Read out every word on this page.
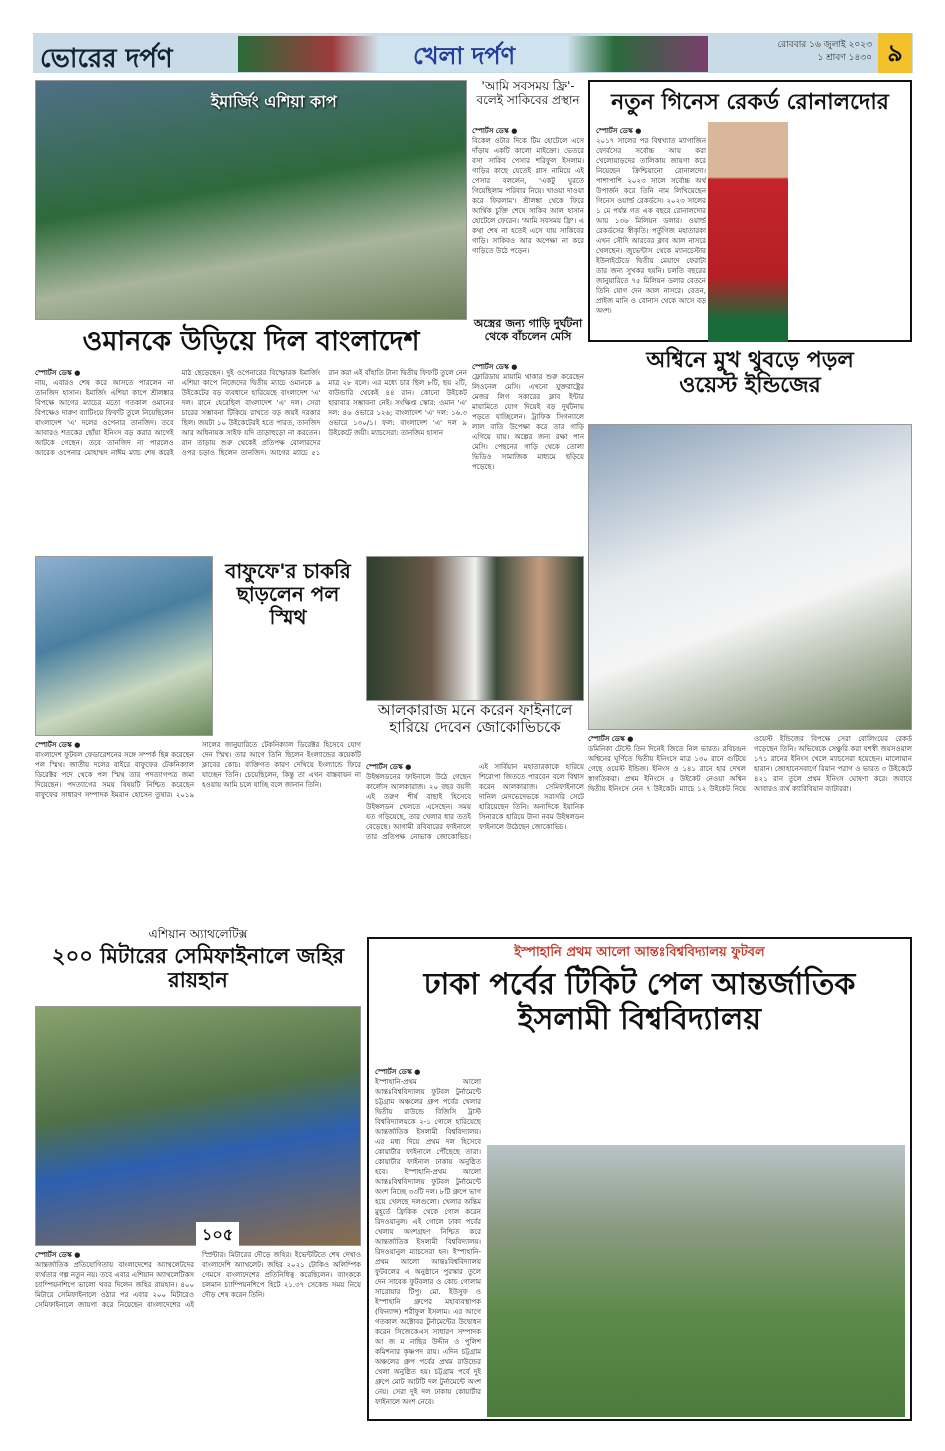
ভোরের দর্পণ	খেলা দর্পণ	রোববার ১৬ জুলাই ২০২৩
১ শ্রাবণ ১৪৩০ ৯
ইমার্জিং এশিয়া কাপ
ওমানকে উড়িয়ে দিল বাংলাদেশ
স্পোর্টস ডেস্ক ●
নায়, এবারও শেষ করে আসতে পারলেন না তানজিদ হাসান। ইমার্জিং এশিয়া কাপে শ্রীলঙ্কার বিপক্ষে আগের ম্যাচের মতো গতকাল ওমানের বিপক্ষেও দারুণ ব্যাটিংয়ে ফিফটি তুলে নিয়েছিলেন বাংলাদেশ 'এ' দলের ওপেনার তানজিদ। তবে আবারও শতকের ছোঁয়া ইনিংস বড় করার আগেই আটকে গেছেন। তবে তানজিদ না পারলেও আরেক ওপেনার মোহাম্মদ নাঈম ম্যাচ শেষ করেই মাঠ ছেড়েছেন। দুই ওপেনারের বিস্ফোরক ইমার্জিং এশিয়া কাপে নিজেদের দ্বিতীয় ম্যাচে ওমানকে ৯ উইকেটের বড় ব্যবধানে হারিয়েছে বাংলাদেশ 'এ' দল। রানে হেরেছিল বাংলাদেশ 'এ' দল। সেরা চারের সম্ভাবনা টিকিয়ে রাখতে বড় জয়ই দরকার ছিল। জয়টা ১০ উইকেটেরই হতে পারত, তানজিদ আর অধিনায়ক সাইফ যদি তাড়াহুড়ো না করতেন। রান তাড়ায় শুরু থেকেই প্রতিপক্ষ বোলারদের ওপর চড়াও ছিলেন তানজিদ। আগের ম্যাচে ৫১ রান করা এই বাঁহাতি টানা দ্বিতীয় ফিফটি তুলে নেন মাত্র ২৮ বলে। এর মধ্যে চার ছিল ৮টি, ছয় ২টি, বাউন্ডারি থেকেই ৪৪ রান। কোনো উইকেট হারাবার সম্ভাবনা নেই। সংক্ষিপ্ত স্কোর: ওমান 'এ' দল: ৪৬ ওভারে ১২৬; বাংলাদেশ 'এ' দল: ১৬.৩ ওভারে ১৩০/১। ফল: বাংলাদেশ 'এ' দল ৯ উইকেটে জয়ী। ম্যাচসেরা: তানজিম হাসান
'আমি সবসময় ফ্রি'-বলেই সাকিবের প্রস্থান
স্পোর্টস ডেস্ক ●
বিকেল ওটার দিকে টিম হোটেলে এসে দাঁড়ায় একটি কালো মাইক্রো। ভেতরে বসা সাকিব পেসার শরিফুল ইসলাম। গাড়ির কাছে যেতেই গ্লাস নামিয়ে এই পেসার বললেন, 'একটু ঘুরতে গিয়েছিলাম পরিবার নিয়ে। খাওয়া দাওয়া করে ফিরলাম'। শ্রীলঙ্কা থেকে ফিরে আর্থিক চুক্তি শেষে সাকিব আল হাসান হোটেলে ফেরেন। 'আমি সবসময় ফ্রি'। এ কথা শেষ না হতেই এসে যায় সাকিবের গাড়ি। সাকিবও আর অপেক্ষা না করে গাড়িতে উঠে পড়েন।
অস্ত্রের জন্য গাড়ি দুর্ঘটনা থেকে বাঁচলেন মেসি
স্পোর্টস ডেস্ক ●
ফ্লোরিডায় মায়ামি থাকার শুরু করেছেন লিওনেল মেসি। এখনো যুক্তরাষ্ট্রের মেজর লিগ সকারের ক্লাব ইন্টার মায়ামিতে যোগ দিয়েই বড় দুর্ঘটনায় পড়তে যাচ্ছিলেন। ট্রাফিক সিগন্যালে লাল বাতি উপেক্ষা করে তার গাড়ি এগিয়ে যায়। অল্পের জন্য রক্ষা পান মেসি। পেছনের গাড়ি থেকে তোলা ভিডিও সামাজিক মাধ্যমে ছড়িয়ে পড়েছে।
নতুন গিনেস রেকর্ড রোনালদোর
স্পোর্টস ডেস্ক ●
২০১৭ সালের পর বিশ্বখ্যাত ম্যাগাজিন ফোর্বসের সর্বোচ্চ আয় করা খেলোয়াড়দের তালিকায় জায়গা করে নিয়েছেন ক্রিশ্চিয়ানো রোনালদো। পাশাপাশি ২০২৩ সালে সর্বোচ্চ অর্থ উপার্জন করে তিনি নাম লিখিয়েছেন গিনেস ওয়ার্ল্ড রেকর্ডসে। ২০২৩ সালের ১ মে পর্যন্ত গত এক বছরে রোনালদোর আয় ১৩৬ মিলিয়ন ডলার। ওয়ার্ল্ড রেকর্ডসের স্বীকৃতি। পর্তুগিজ মহাতারকা এখন সৌদি আরবের ক্লাব আল নাসরে খেলছেন। জুভেন্টাস থেকে ম্যানচেস্টার ইউনাইটেডে দ্বিতীয় মেয়াদে ফেরাটা তার জন্য সুখকর হয়নি। চলতি বছরের জানুয়ারিতে ৭৫ মিলিয়ন ডলার বেতনে তিনি যোগ দেন আল নাসরে। বেতন, প্রাইজ মানি ও বোনাস থেকে আসে বড় অংশ।
অশ্বিনে মুখ থুবড়ে পড়ল
ওয়েস্ট ইন্ডিজের
স্পোর্টস ডেস্ক ●
ডমিনিকা টেস্টে তিন দিনেই জিতে নিল ভারত। রবিচন্দ্রন অশ্বিনের ঘূর্ণিতে দ্বিতীয় ইনিংসে মাত্র ১৩০ রানে গুটিয়ে গেছে ওয়েস্ট ইন্ডিজ। ইনিংস ও ১৪১ রানে হার দেখল স্বাগতিকরা। প্রথম ইনিংসে ৫ উইকেট নেওয়া অশ্বিন দ্বিতীয় ইনিংসে নেন ৭ উইকেট। ম্যাচে ১২ উইকেট নিয়ে ওয়েস্ট ইন্ডিজের বিপক্ষে সেরা বোলিংয়ের রেকর্ড গড়েছেন তিনি। অভিষেকে সেঞ্চুরি করা যশস্বী জয়সওয়াল ১৭১ রানের ইনিংস খেলে ম্যাচসেরা হয়েছেন। মালোয়ান হারান। জোহানেসবার্গে রিয়ান পরাগ ও ভারত ৩ উইকেটে ৪২১ রান তুলে প্রথম ইনিংস ঘোষণা করে। জবাবে আবারও ব্যর্থ ক্যারিবিয়ান ব্যাটাররা।
বাফুফে'র চাকরি ছাড়লেন পল স্মিথ
স্পোর্টস ডেস্ক ●
বাংলাদেশ ফুটবল ফেডারেশনের সঙ্গে সম্পর্ক ছিন্ন করেছেন পল স্মিথ। জাতীয় দলের বাইরে বাফুফের টেকনিক্যাল ডিরেক্টর পদে থেকে পল স্মিথ তার পদত্যাগপত্র জমা দিয়েছেন। পদত্যাগের সময় বিষয়টি নিশ্চিত করেছেন বাফুফের সাধারণ সম্পাদক ইমরান হোসেন তুষার। ২০১৯ সালের জানুয়ারিতে টেকনিক্যাল ডিরেক্টর হিসেবে যোগ দেন স্মিথ। তার আগে তিনি ছিলেন ইংল্যান্ডের কয়েকটি ক্লাবের কোচ। ব্যক্তিগত কারণ দেখিয়ে ইংল্যান্ডে ফিরে যাচ্ছেন তিনি। চেয়েছিলেন, কিন্তু তা এখন বাস্তবায়ন না হওয়ায় আমি চলে যাচ্ছি বলে জানান তিনি।
আলকারাজ মনে করেন ফাইনালে হারিয়ে দেবেন জোকোভিচকে
স্পোর্টস ডেস্ক ●
উইম্বলডনের ফাইনালে উঠে গেছেন কার্লোস আলকারাজ। ২০ বছর বয়সী এই তরুণ শীর্ষ বাছাই হিসেবে উইম্বলডন খেলতে এসেছেন। সময় যত গড়িয়েছে, তার খেলার ধার ততই বেড়েছে। আগামী রবিবারের ফাইনালে তার প্রতিপক্ষ নোভাক জোকোভিচ। এই সার্বিয়ান মহাতারকাকে হারিয়ে শিরোপা জিততে পারবেন বলে বিশ্বাস করেন আলকারাজ। সেমিফাইনালে দানিল মেদভেদেভকে সরাসরি সেটে হারিয়েছেন তিনি। অন্যদিকে ইয়ানিক সিনারকে হারিয়ে টানা নবম উইম্বলডন ফাইনালে উঠেছেন জোকোভিচ।
এশিয়ান অ্যাথলেটিক্স
২০০ মিটারের সেমিফাইনালে জহির রায়হান
১০৫
স্পোর্টস ডেস্ক ●
আন্তর্জাতিক প্রতিযোগিতায় বাংলাদেশের অ্যাথলেটদের ব্যর্থতার গল্প নতুন নয়। তবে এবার এশিয়ান অ্যাথলেটিকস চ্যাম্পিয়নশিপে ভালো খবর দিলেন জহির রায়হান। ৪০০ মিটারে সেমিফাইনালে ওঠার পর এবার ২০০ মিটারেও সেমিফাইনালে জায়গা করে নিয়েছেন বাংলাদেশের এই স্প্রিন্টার। মিটারের দৌড়ে জহির। ইভেন্টটিতে শেষ দেখাও বাংলাদেশি অ্যাথলেট। জহির ২০২১ টোকিও অলিম্পিক গেমসে বাংলাদেশের প্রতিনিধিত্ব করেছিলেন। ব্যাংককে চলমান চ্যাম্পিয়নশিপে হিটে ২১.৩৭ সেকেন্ড সময় নিয়ে দৌড় শেষ করেন তিনি।
ইস্পাহানি প্রথম আলো আন্তঃবিশ্ববিদ্যালয় ফুটবল
ঢাকা পর্বের টিকিট পেল আন্তর্জাতিক ইসলামী বিশ্ববিদ্যালয়
স্পোর্টস ডেস্ক ●
ইস্পাহানি-প্রথম আলো আন্তঃবিশ্ববিদ্যালয় ফুটবল টুর্নামেন্টে চট্টগ্রাম অঞ্চলের গ্রুপ পর্বের খেলার দ্বিতীয় রাউন্ডে বিজিসি ট্রাস্ট বিশ্ববিদ্যালয়কে ২-১ গোলে হারিয়েছে আন্তর্জাতিক ইসলামী বিশ্ববিদ্যালয়। এর মধ্য দিয়ে প্রথম দল হিসেবে কোয়ার্টার ফাইনালে পৌঁছেছে তারা। কোয়ার্টার ফাইনাল ঢাকায় অনুষ্ঠিত হবে। ইস্পাহানি-প্রথম আলো আন্তঃবিশ্ববিদ্যালয় ফুটবল টুর্নামেন্টে অংশ নিচ্ছে ৩৩টি দল। ৮টি গ্রুপে ভাগ হয়ে খেলছে দলগুলো। খেলার অন্তিম মুহূর্তে ফ্রিকিক থেকে গোল করেন রিদওয়ানুল। এই গোলে ঢাকা পর্বের খেলায় অংশগ্রহণ নিশ্চিত করে আন্তর্জাতিক ইসলামী বিশ্ববিদ্যালয়। রিদওয়ানুল ম্যাচসেরা হন। ইস্পাহানি-প্রথম আলো আন্তঃবিশ্ববিদ্যালয় ফুটবলের এ অনুষ্ঠানে পুরস্কার তুলে দেন সাবেক ফুটবলার ও কোচ গোলাম সারোয়ার টিপু। মো. ইউসুফ ও ইস্পাহানি গ্রুপের মহাব্যবস্থাপক (ফিন্যান্স) শরীফুল ইসলাম। এর আগে গতকাল অক্টোবর টুর্নামেন্টের উদ্বোধন করেন সিজেকেএস সাধারণ সম্পাদক আ জ ম নাছির উদ্দীন ও পুলিশ কমিশনার কৃষ্ণপদ রায়। এদিন চট্টগ্রাম অঞ্চলের গ্রুপ পর্বের প্রথম রাউন্ডের খেলা অনুষ্ঠিত হয়। চট্টগ্রাম পর্বে দুই গ্রুপে মোট আটটি দল টুর্নামেন্টে অংশ নেয়। সেরা দুই দল ঢাকায় কোয়ার্টার ফাইনালে অংশ নেবে।
